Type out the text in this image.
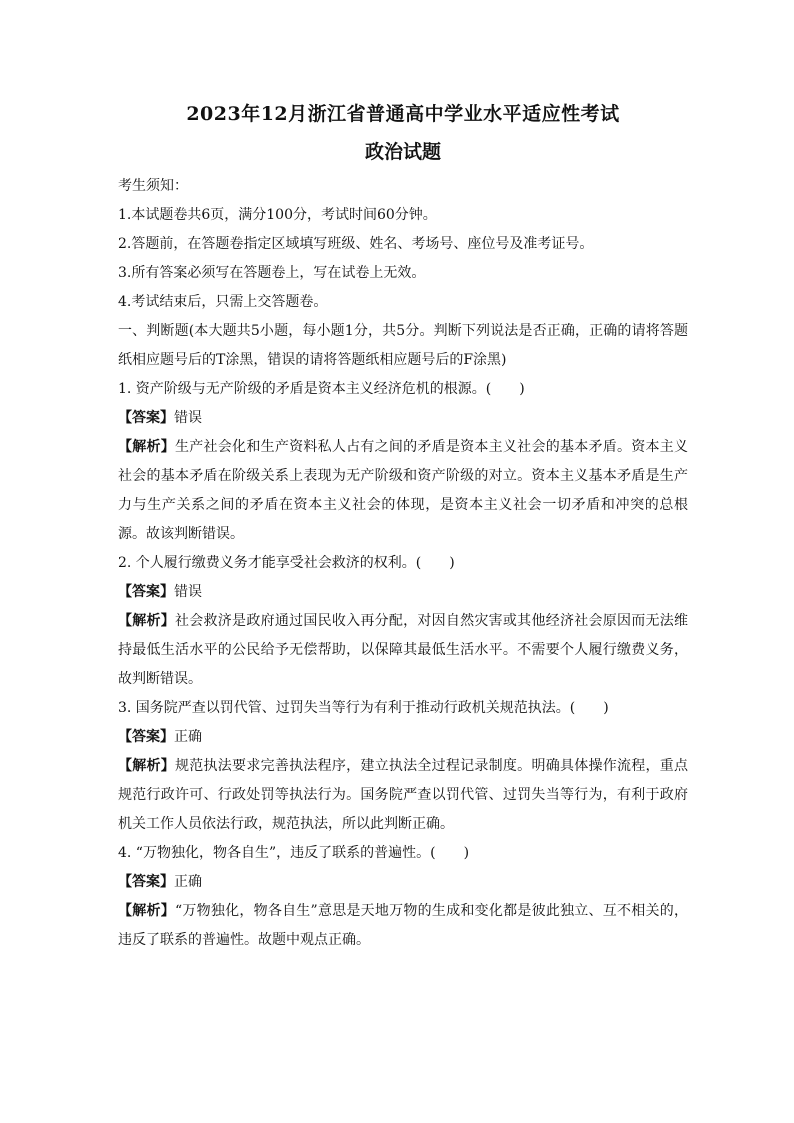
2023年12月浙江省普通高中学业水平适应性考试
政治试题

考生须知：

1.本试题卷共6页，满分100分，考试时间60分钟。

2.答题前，在答题卷指定区域填写班级、姓名、考场号、座位号及准考证号。

3.所有答案必须写在答题卷上，写在试卷上无效。

4.考试结束后，只需上交答题卷。

一、判断题(本大题共5小题，每小题1分，共5分。判断下列说法是否正确，正确的请将答题纸相应题号后的T涂黑，错误的请将答题纸相应题号后的F涂黑)

1. 资产阶级与无产阶级的矛盾是资本主义经济危机的根源。(　　)

【答案】错误

【解析】生产社会化和生产资料私人占有之间的矛盾是资本主义社会的基本矛盾。资本主义社会的基本矛盾在阶级关系上表现为无产阶级和资产阶级的对立。资本主义基本矛盾是生产力与生产关系之间的矛盾在资本主义社会的体现，是资本主义社会一切矛盾和冲突的总根源。故该判断错误。

2. 个人履行缴费义务才能享受社会救济的权利。(　　)

【答案】错误

【解析】社会救济是政府通过国民收入再分配，对因自然灾害或其他经济社会原因而无法维持最低生活水平的公民给予无偿帮助，以保障其最低生活水平。不需要个人履行缴费义务，故判断错误。

3. 国务院严查以罚代管、过罚失当等行为有利于推动行政机关规范执法。(　　)

【答案】正确

【解析】规范执法要求完善执法程序，建立执法全过程记录制度。明确具体操作流程，重点规范行政许可、行政处罚等执法行为。国务院严查以罚代管、过罚失当等行为，有利于政府机关工作人员依法行政，规范执法，所以此判断正确。

4. “万物独化，物各自生”，违反了联系的普遍性。(　　)

【答案】正确

【解析】“万物独化，物各自生”意思是天地万物的生成和变化都是彼此独立、互不相关的，违反了联系的普遍性。故题中观点正确。
